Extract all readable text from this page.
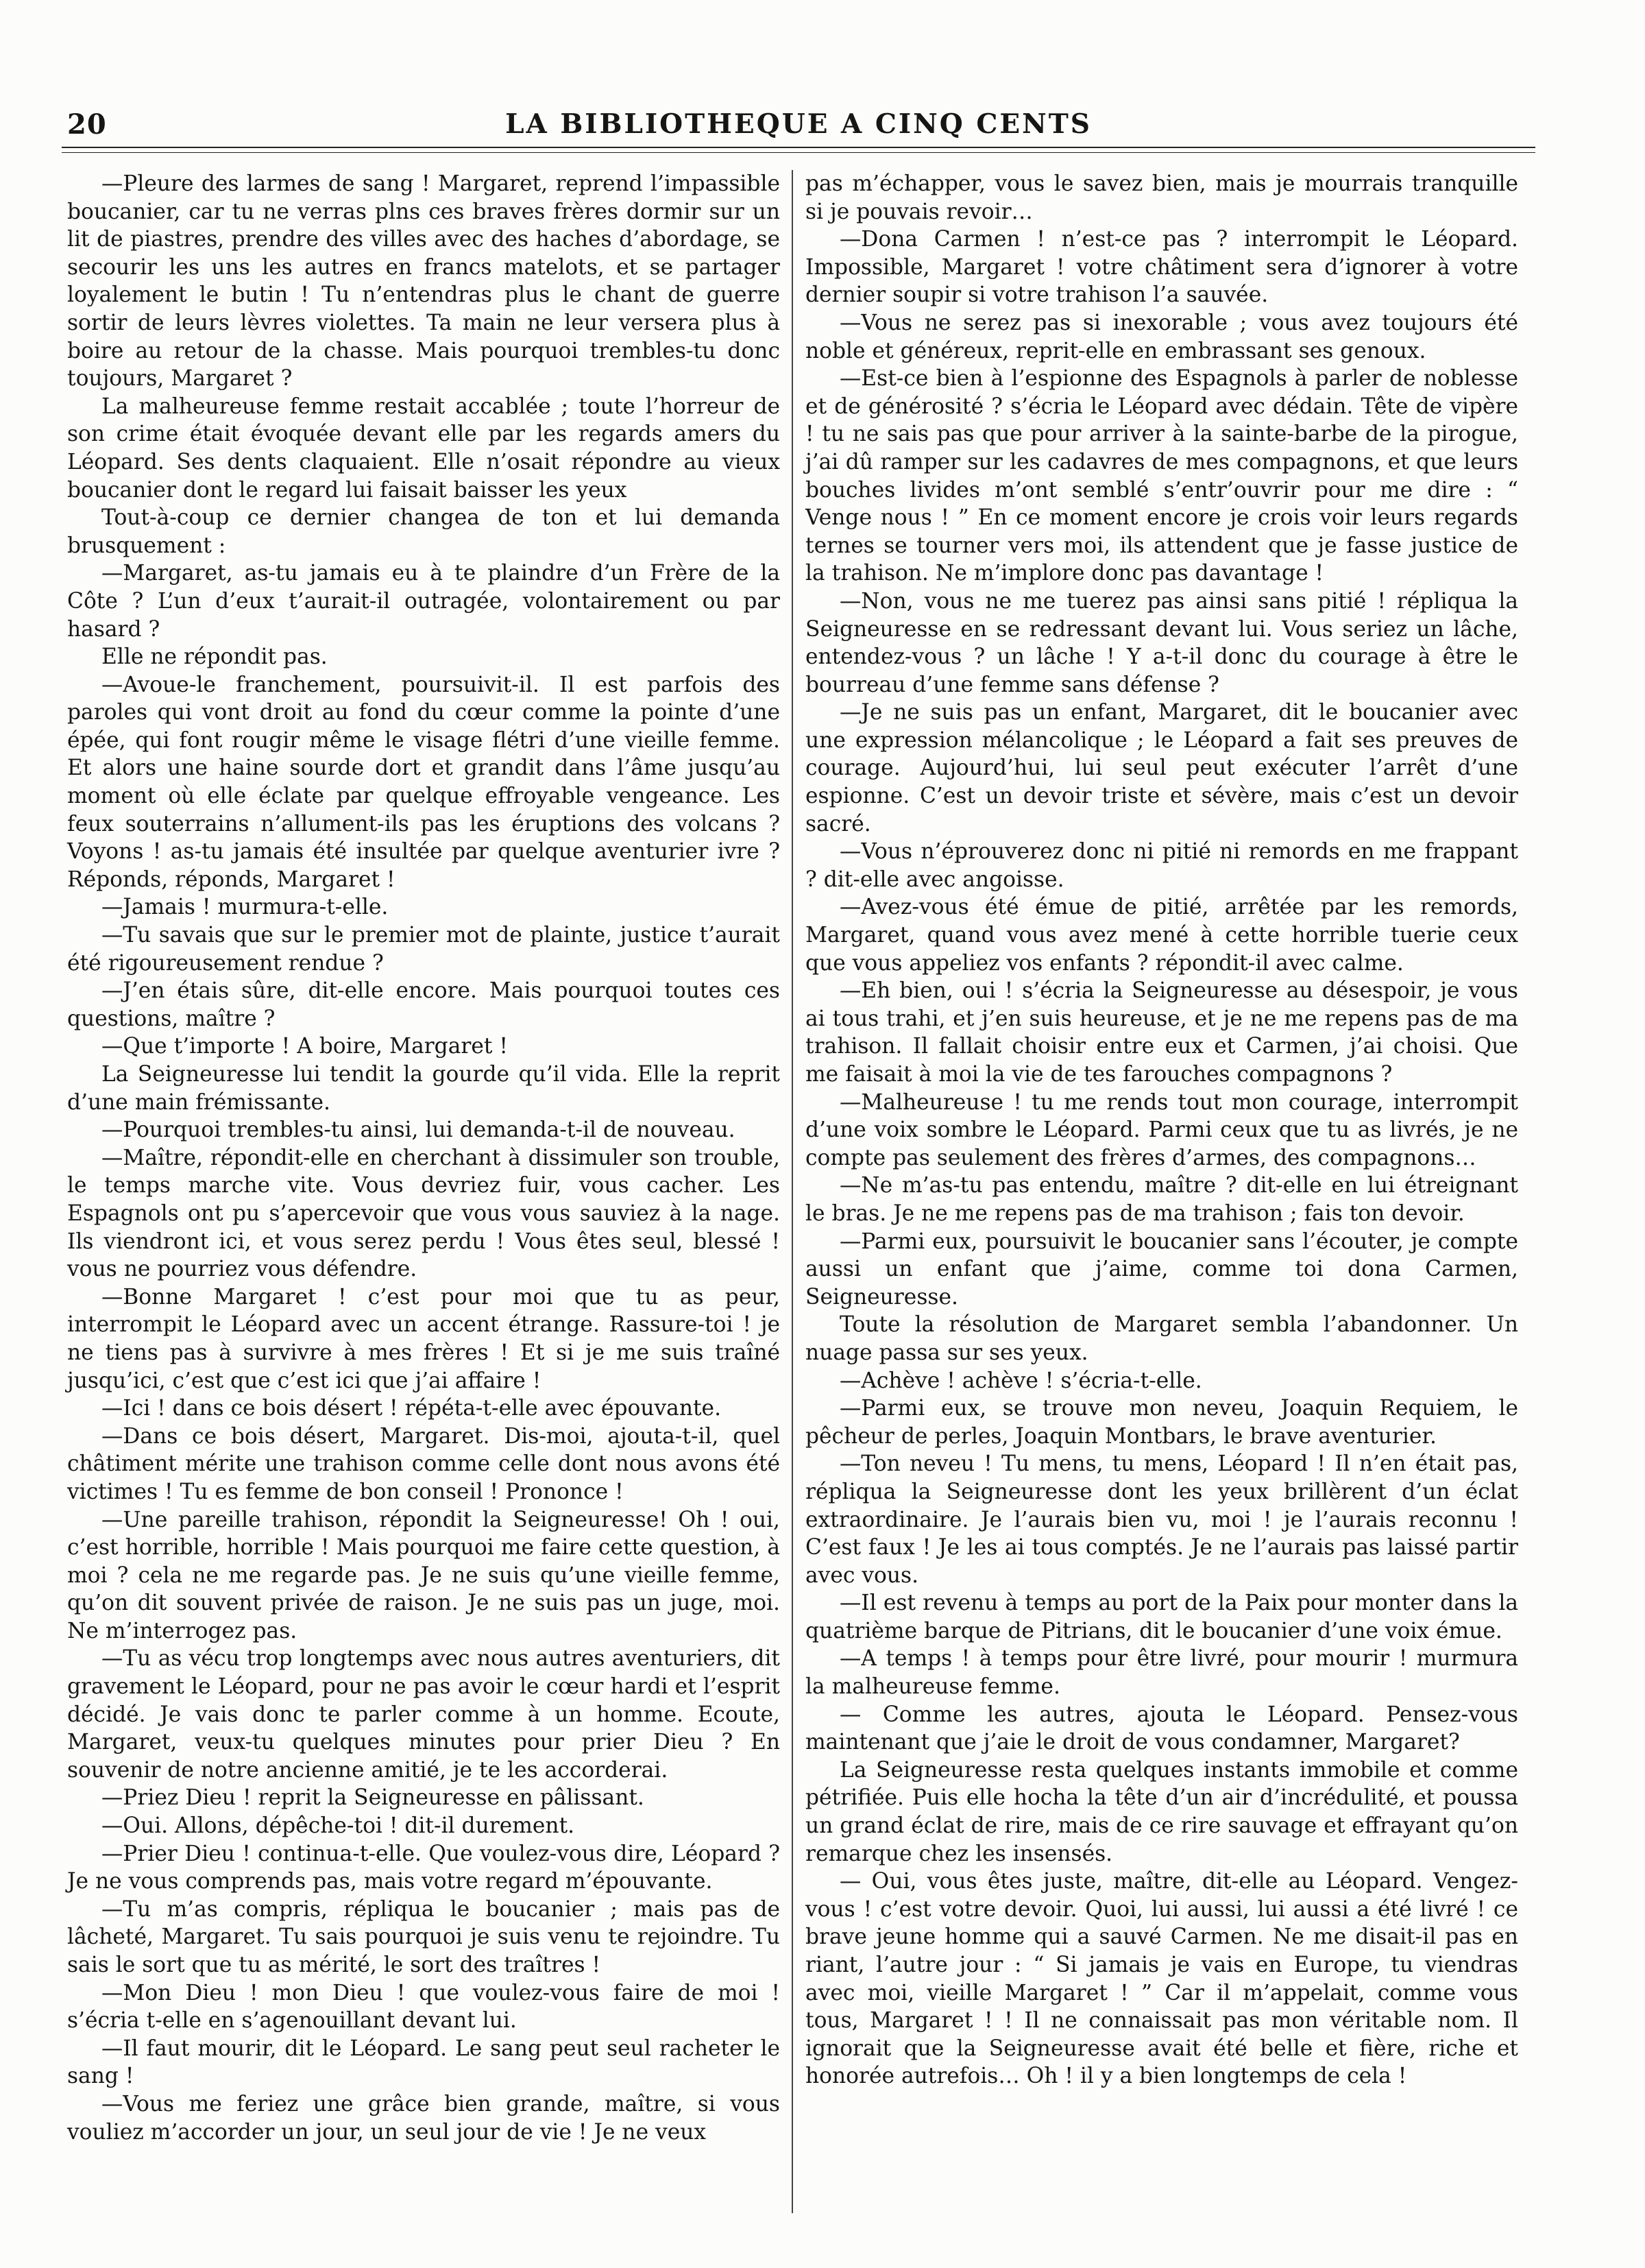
20	LA BIBLIOTHEQUE A CINQ CENTS

—Pleure des larmes de sang ! Margaret, reprend l’impassible boucanier, car tu ne verras plns ces braves frères dormir sur un lit de piastres, prendre des villes avec des haches d’abordage, se secourir les uns les autres en francs matelots, et se partager loyalement le butin ! Tu n’entendras plus le chant de guerre sortir de leurs lèvres violettes. Ta main ne leur versera plus à boire au retour de la chasse. Mais pourquoi trembles-tu donc toujours, Margaret ?

La malheureuse femme restait accablée ; toute l’horreur de son crime était évoquée devant elle par les regards amers du Léopard. Ses dents claquaient. Elle n’osait répondre au vieux boucanier dont le regard lui faisait baisser les yeux

Tout-à-coup ce dernier changea de ton et lui demanda brusquement :

—Margaret, as-tu jamais eu à te plaindre d’un Frère de la Côte ? L’un d’eux t’aurait-il outragée, volontairement ou par hasard ?

Elle ne répondit pas.

—Avoue-le franchement, poursuivit-il. Il est parfois des paroles qui vont droit au fond du cœur comme la pointe d’une épée, qui font rougir même le visage flétri d’une vieille femme. Et alors une haine sourde dort et grandit dans l’âme jusqu’au moment où elle éclate par quelque effroyable vengeance. Les feux souterrains n’allument-ils pas les éruptions des volcans ? Voyons ! as-tu jamais été insultée par quelque aventurier ivre ? Réponds, réponds, Margaret !

—Jamais ! murmura-t-elle.

—Tu savais que sur le premier mot de plainte, justice t’aurait été rigoureusement rendue ?

—J’en étais sûre, dit-elle encore. Mais pourquoi toutes ces questions, maître ?

—Que t’importe ! A boire, Margaret !

La Seigneuresse lui tendit la gourde qu’il vida. Elle la reprit d’une main frémissante.

—Pourquoi trembles-tu ainsi, lui demanda-t-il de nouveau.

—Maître, répondit-elle en cherchant à dissimuler son trouble, le temps marche vite. Vous devriez fuir, vous cacher. Les Espagnols ont pu s’apercevoir que vous vous sauviez à la nage. Ils viendront ici, et vous serez perdu ! Vous êtes seul, blessé ! vous ne pourriez vous défendre.

—Bonne Margaret ! c’est pour moi que tu as peur, interrompit le Léopard avec un accent étrange. Rassure-toi ! je ne tiens pas à survivre à mes frères ! Et si je me suis traîné jusqu’ici, c’est que c’est ici que j’ai affaire !

—Ici ! dans ce bois désert ! répéta-t-elle avec épouvante.

—Dans ce bois désert, Margaret. Dis-moi, ajouta-t-il, quel châtiment mérite une trahison comme celle dont nous avons été victimes ! Tu es femme de bon conseil ! Prononce !

—Une pareille trahison, répondit la Seigneuresse! Oh ! oui, c’est horrible, horrible ! Mais pourquoi me faire cette question, à moi ? cela ne me regarde pas. Je ne suis qu’une vieille femme, qu’on dit souvent privée de raison. Je ne suis pas un juge, moi. Ne m’interrogez pas.

—Tu as vécu trop longtemps avec nous autres aventuriers, dit gravement le Léopard, pour ne pas avoir le cœur hardi et l’esprit décidé. Je vais donc te parler comme à un homme. Ecoute, Margaret, veux-tu quelques minutes pour prier Dieu ? En souvenir de notre ancienne amitié, je te les accorderai.

—Priez Dieu ! reprit la Seigneuresse en pâlissant.

—Oui. Allons, dépêche-toi ! dit-il durement.

—Prier Dieu ! continua-t-elle. Que voulez-vous dire, Léopard ? Je ne vous comprends pas, mais votre regard m’épouvante.

—Tu m’as compris, répliqua le boucanier ; mais pas de lâcheté, Margaret. Tu sais pourquoi je suis venu te rejoindre. Tu sais le sort que tu as mérité, le sort des traîtres !

—Mon Dieu ! mon Dieu ! que voulez-vous faire de moi ! s’écria t-elle en s’agenouillant devant lui.

—Il faut mourir, dit le Léopard. Le sang peut seul racheter le sang !

—Vous me feriez une grâce bien grande, maître, si vous vouliez m’accorder un jour, un seul jour de vie ! Je ne veux

pas m’échapper, vous le savez bien, mais je mourrais tranquille si je pouvais revoir…

—Dona Carmen ! n’est-ce pas ? interrompit le Léopard. Impossible, Margaret ! votre châtiment sera d’ignorer à votre dernier soupir si votre trahison l’a sauvée.

—Vous ne serez pas si inexorable ; vous avez toujours été noble et généreux, reprit-elle en embrassant ses genoux.

—Est-ce bien à l’espionne des Espagnols à parler de noblesse et de générosité ? s’écria le Léopard avec dédain. Tête de vipère ! tu ne sais pas que pour arriver à la sainte-barbe de la pirogue, j’ai dû ramper sur les cadavres de mes compagnons, et que leurs bouches livides m’ont semblé s’entr’ouvrir pour me dire : “ Venge nous ! ” En ce moment encore je crois voir leurs regards ternes se tourner vers moi, ils attendent que je fasse justice de la trahison. Ne m’implore donc pas davantage !

—Non, vous ne me tuerez pas ainsi sans pitié ! répliqua la Seigneuresse en se redressant devant lui. Vous seriez un lâche, entendez-vous ? un lâche ! Y a-t-il donc du courage à être le bourreau d’une femme sans défense ?

—Je ne suis pas un enfant, Margaret, dit le boucanier avec une expression mélancolique ; le Léopard a fait ses preuves de courage. Aujourd’hui, lui seul peut exécuter l’arrêt d’une espionne. C’est un devoir triste et sévère, mais c’est un devoir sacré.

—Vous n’éprouverez donc ni pitié ni remords en me frappant ? dit-elle avec angoisse.

—Avez-vous été émue de pitié, arrêtée par les remords, Margaret, quand vous avez mené à cette horrible tuerie ceux que vous appeliez vos enfants ? répondit-il avec calme.

—Eh bien, oui ! s’écria la Seigneuresse au désespoir, je vous ai tous trahi, et j’en suis heureuse, et je ne me repens pas de ma trahison. Il fallait choisir entre eux et Carmen, j’ai choisi. Que me faisait à moi la vie de tes farouches compagnons ?

—Malheureuse ! tu me rends tout mon courage, interrompit d’une voix sombre le Léopard. Parmi ceux que tu as livrés, je ne compte pas seulement des frères d’armes, des compagnons…

—Ne m’as-tu pas entendu, maître ? dit-elle en lui étreignant le bras. Je ne me repens pas de ma trahison ; fais ton devoir.

—Parmi eux, poursuivit le boucanier sans l’écouter, je compte aussi un enfant que j’aime, comme toi dona Carmen, Seigneuresse.

Toute la résolution de Margaret sembla l’abandonner. Un nuage passa sur ses yeux.

—Achève ! achève ! s’écria-t-elle.

—Parmi eux, se trouve mon neveu, Joaquin Requiem, le pêcheur de perles, Joaquin Montbars, le brave aventurier.

—Ton neveu ! Tu mens, tu mens, Léopard ! Il n’en était pas, répliqua la Seigneuresse dont les yeux brillèrent d’un éclat extraordinaire. Je l’aurais bien vu, moi ! je l’aurais reconnu ! C’est faux ! Je les ai tous comptés. Je ne l’aurais pas laissé partir avec vous.

—Il est revenu à temps au port de la Paix pour monter dans la quatrième barque de Pitrians, dit le boucanier d’une voix émue.

—A temps ! à temps pour être livré, pour mourir ! murmura la malheureuse femme.

— Comme les autres, ajouta le Léopard. Pensez-vous maintenant que j’aie le droit de vous condamner, Margaret?

La Seigneuresse resta quelques instants immobile et comme pétrifiée. Puis elle hocha la tête d’un air d’incrédulité, et poussa un grand éclat de rire, mais de ce rire sauvage et effrayant qu’on remarque chez les insensés.

— Oui, vous êtes juste, maître, dit-elle au Léopard. Vengez-vous ! c’est votre devoir. Quoi, lui aussi, lui aussi a été livré ! ce brave jeune homme qui a sauvé Carmen. Ne me disait-il pas en riant, l’autre jour : “ Si jamais je vais en Europe, tu viendras avec moi, vieille Margaret ! ” Car il m’appelait, comme vous tous, Margaret ! ! Il ne connaissait pas mon véritable nom. Il ignorait que la Seigneuresse avait été belle et fière, riche et honorée autrefois… Oh ! il y a bien longtemps de cela !
